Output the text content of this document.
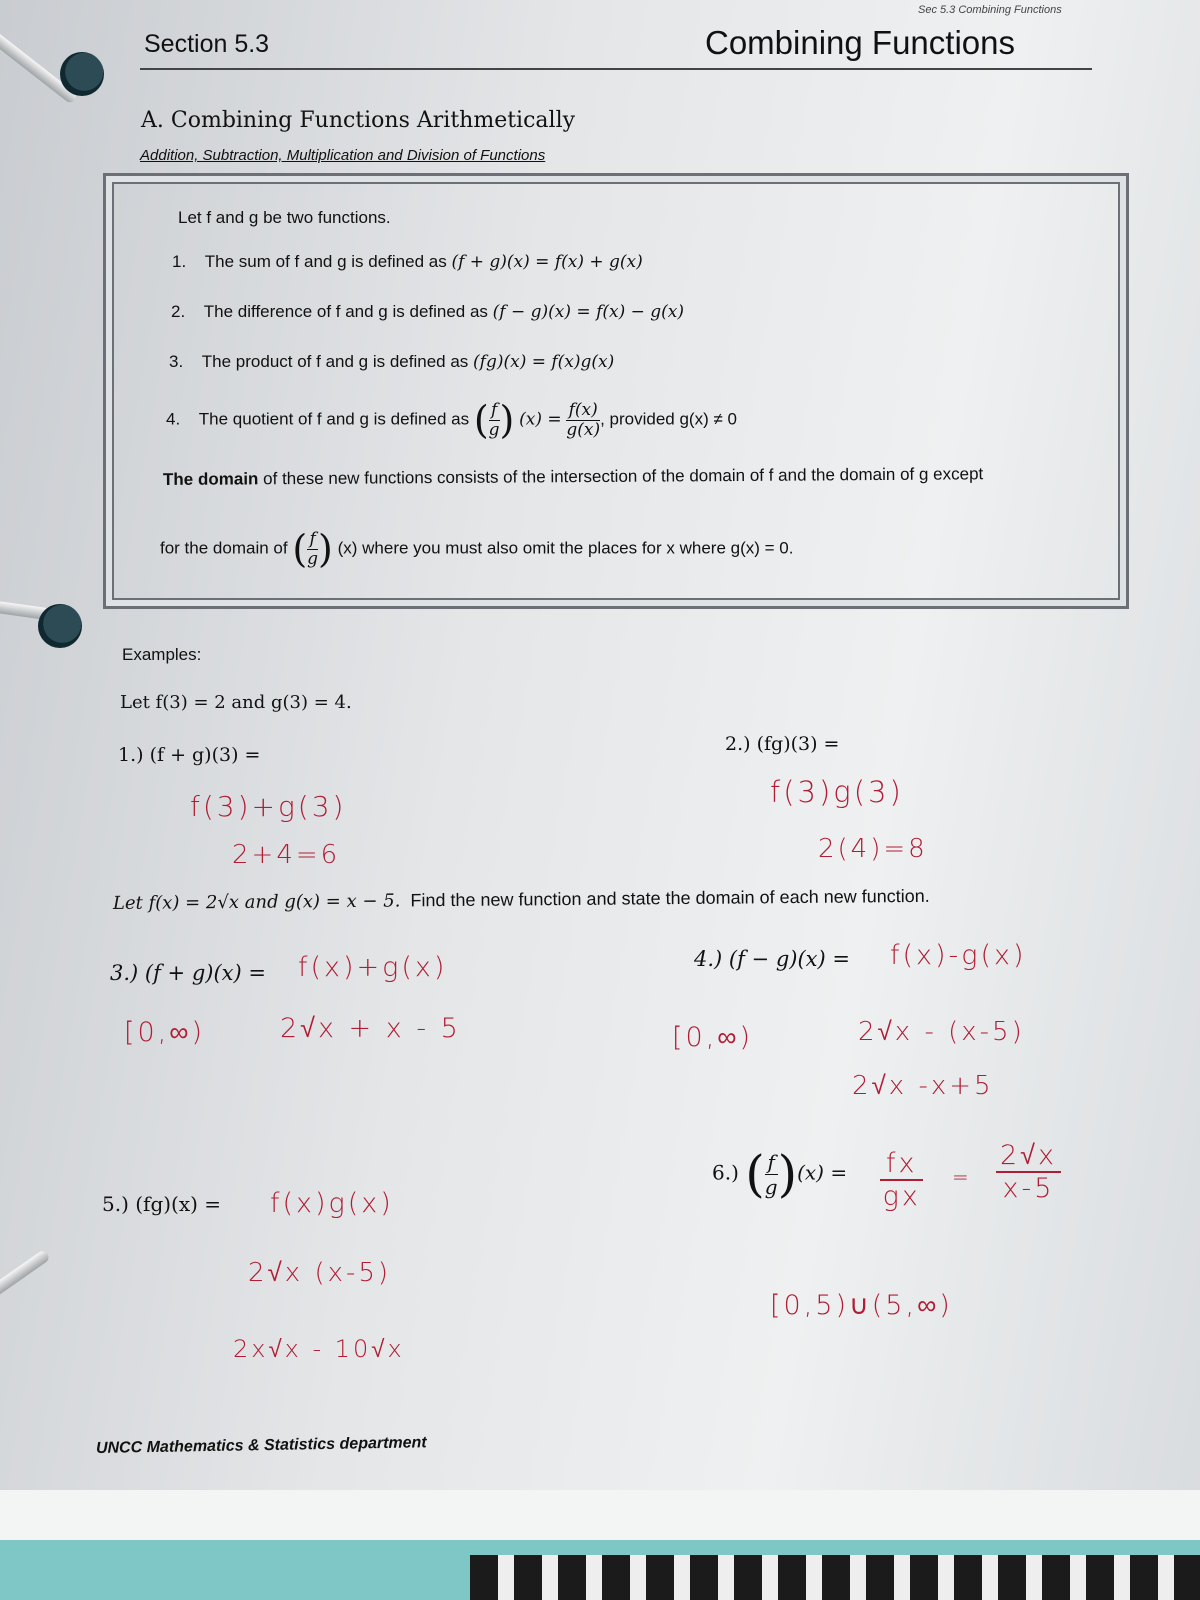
Sec 5.3 Combining Functions
Section 5.3	Combining Functions
A. Combining Functions Arithmetically
Addition, Subtraction, Multiplication and Division of Functions
Let f and g be two functions.
1. The sum of f and g is defined as (f + g)(x) = f(x) + g(x)
2. The difference of f and g is defined as (f − g)(x) = f(x) − g(x)
3. The product of f and g is defined as (fg)(x) = f(x)g(x)
4. The quotient of f and g is defined as ( $\frac{f}{g}$ ) $(x) = \frac{f(x)}{g(x)}$ , provided g(x) ≠ 0
The domain of these new functions consists of the intersection of the domain of f and the domain of g except
for the domain of ( $\frac{f}{g}$ ) (x) where you must also omit the places for x where g(x) = 0.
Examples:
Let f(3) = 2 and g(3) = 4.
1.) (f + g)(3) =
f(3)+g(3)
2+4=6
2.) (fg)(3) =
f(3)g(3)
2(4)=8
Let f(x) = 2√x and g(x) = x − 5. Find the new function and state the domain of each new function.
3.) (f + g)(x) = f(x)+g(x)
[0,∞)	2√x + x - 5
4.) (f − g)(x) = f(x)-g(x)
[0,∞)	2√x - (x-5)
2√x -x+5
5.) (fg)(x) = f(x)g(x)
2√x (x-5)
2x√x - 10√x
6.) ( $\frac{f}{g} )(x)$ = fx
gx
=
2√x
x-5
[0,5)∪(5,∞)
UNCC Mathematics & Statistics department
